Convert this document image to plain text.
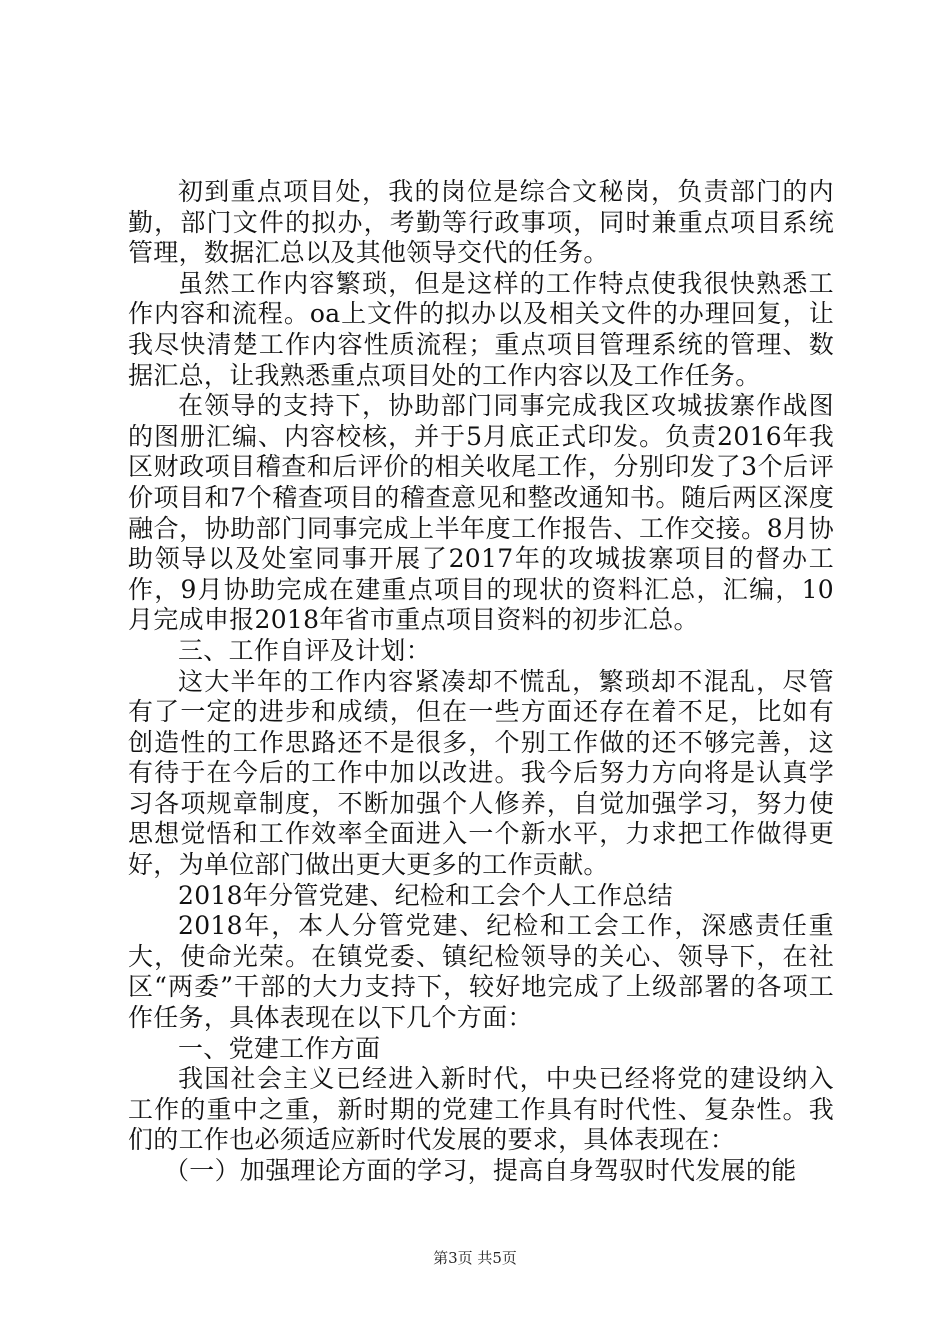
初到重点项目处，我的岗位是综合文秘岗，负责部门的内勤，部门文件的拟办，考勤等行政事项，同时兼重点项目系统管理，数据汇总以及其他领导交代的任务。

虽然工作内容繁琐，但是这样的工作特点使我很快熟悉工作内容和流程。oa上文件的拟办以及相关文件的办理回复，让我尽快清楚工作内容性质流程；重点项目管理系统的管理、数据汇总，让我熟悉重点项目处的工作内容以及工作任务。

在领导的支持下，协助部门同事完成我区攻城拔寨作战图的图册汇编、内容校核，并于5月底正式印发。负责2016年我区财政项目稽查和后评价的相关收尾工作，分别印发了3个后评价项目和7个稽查项目的稽查意见和整改通知书。随后两区深度融合，协助部门同事完成上半年度工作报告、工作交接。8月协助领导以及处室同事开展了2017年的攻城拔寨项目的督办工作，9月协助完成在建重点项目的现状的资料汇总，汇编，10月完成申报2018年省市重点项目资料的初步汇总。

三、工作自评及计划：

这大半年的工作内容紧凑却不慌乱，繁琐却不混乱，尽管有了一定的进步和成绩，但在一些方面还存在着不足，比如有创造性的工作思路还不是很多，个别工作做的还不够完善，这有待于在今后的工作中加以改进。我今后努力方向将是认真学习各项规章制度，不断加强个人修养，自觉加强学习，努力使思想觉悟和工作效率全面进入一个新水平，力求把工作做得更好，为单位部门做出更大更多的工作贡献。

2018年分管党建、纪检和工会个人工作总结

2018年，本人分管党建、纪检和工会工作，深感责任重大，使命光荣。在镇党委、镇纪检领导的关心、领导下，在社区“两委”干部的大力支持下，较好地完成了上级部署的各项工作任务，具体表现在以下几个方面：

一、党建工作方面

我国社会主义已经进入新时代，中央已经将党的建设纳入工作的重中之重，新时期的党建工作具有时代性、复杂性。我们的工作也必须适应新时代发展的要求，具体表现在：

（一）加强理论方面的学习，提高自身驾驭时代发展的能

第3页 共5页
